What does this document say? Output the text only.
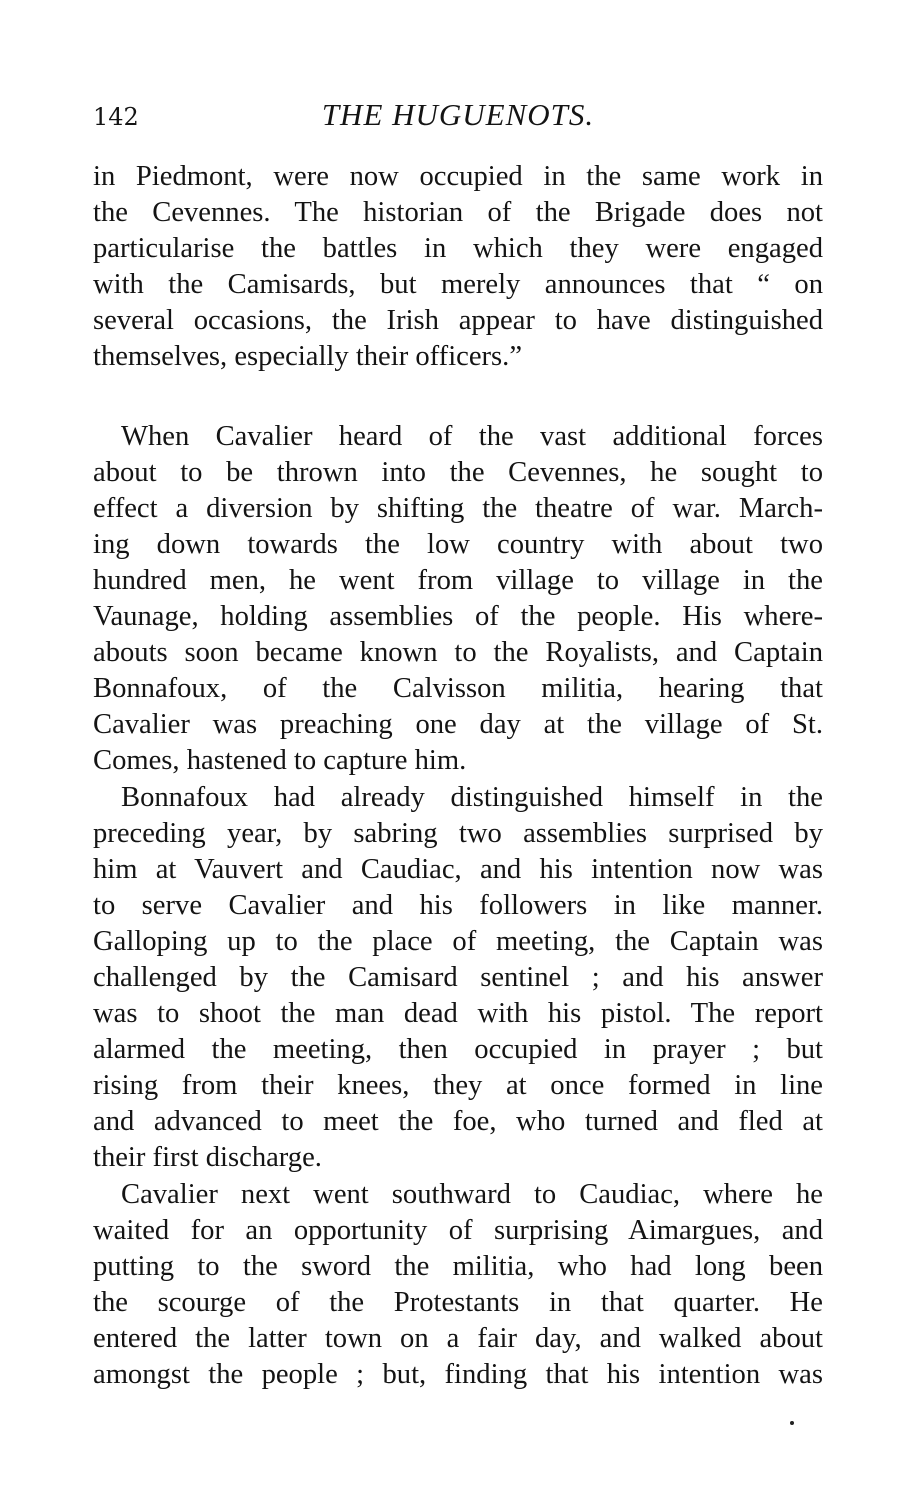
142	THE HUGUENOTS.
in Piedmont, were now occupied in the same work in
the Cevennes. The historian of the Brigade does not
particularise the battles in which they were engaged
with the Camisards, but merely announces that “ on
several occasions, the Irish appear to have distinguished
themselves, especially their officers.”
When Cavalier heard of the vast additional forces
about to be thrown into the Cevennes, he sought to
effect a diversion by shifting the theatre of war. March-
ing down towards the low country with about two
hundred men, he went from village to village in the
Vaunage, holding assemblies of the people. His where-
abouts soon became known to the Royalists, and Captain
Bonnafoux, of the Calvisson militia, hearing that
Cavalier was preaching one day at the village of St.
Comes, hastened to capture him.
Bonnafoux had already distinguished himself in the
preceding year, by sabring two assemblies surprised by
him at Vauvert and Caudiac, and his intention now was
to serve Cavalier and his followers in like manner.
Galloping up to the place of meeting, the Captain was
challenged by the Camisard sentinel ; and his answer
was to shoot the man dead with his pistol. The report
alarmed the meeting, then occupied in prayer ; but
rising from their knees, they at once formed in line
and advanced to meet the foe, who turned and fled at
their first discharge.
Cavalier next went southward to Caudiac, where he
waited for an opportunity of surprising Aimargues, and
putting to the sword the militia, who had long been
the scourge of the Protestants in that quarter. He
entered the latter town on a fair day, and walked about
amongst the people ; but, finding that his intention was
